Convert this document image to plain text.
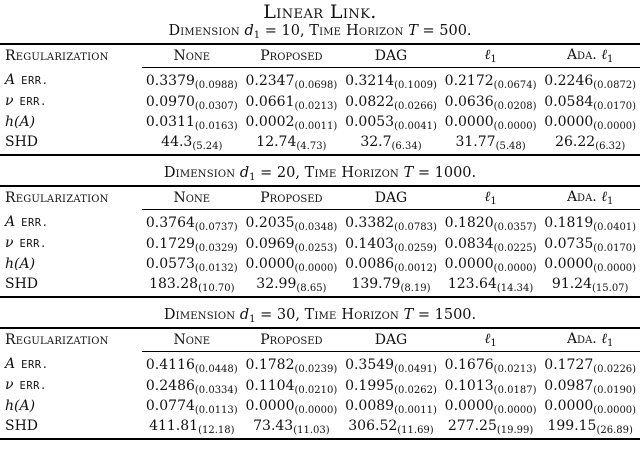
Linear Link.
Dimension $d_1 = 10$, Time Horizon T = 500.
Regularization	None	Proposed	DAG	ℓ$_1$	Ada. ℓ$_1$
A ERR.	$0.3379_{(0.0988)}$	$0.2347_{(0.0698)}$	$0.3214_{(0.1009)}$	$0.2172_{(0.0674)}$	$0.2246_{(0.0872)}$
ν ERR.	$0.0970_{(0.0307)}$	$0.0661_{(0.0213)}$	$0.0822_{(0.0266)}$	$0.0636_{(0.0208)}$	$0.0584_{(0.0170)}$
h(A)	$0.0311_{(0.0163)}$	$0.0002_{(0.0011)}$	$0.0053_{(0.0041)}$	$0.0000_{(0.0000)}$	$0.0000_{(0.0000)}$
SHD	$44.3_{(5.24)}$	$12.74_{(4.73)}$	$32.7_{(6.34)}$	$31.77_{(5.48)}$	$26.22_{(6.32)}$
Dimension $d_1 = 20$, Time Horizon T = 1000.
Regularization	None	Proposed	DAG	ℓ$_1$	Ada. ℓ$_1$
A ERR.	$0.3764_{(0.0737)}$	$0.2035_{(0.0348)}$	$0.3382_{(0.0783)}$	$0.1820_{(0.0357)}$	$0.1819_{(0.0401)}$
ν ERR.	$0.1729_{(0.0329)}$	$0.0969_{(0.0253)}$	$0.1403_{(0.0259)}$	$0.0834_{(0.0225)}$	$0.0735_{(0.0170)}$
h(A)	$0.0573_{(0.0132)}$	$0.0000_{(0.0000)}$	$0.0086_{(0.0012)}$	$0.0000_{(0.0000)}$	$0.0000_{(0.0000)}$
SHD	$183.28_{(10.70)}$	$32.99_{(8.65)}$	$139.79_{(8.19)}$	$123.64_{(14.34)}$	$91.24_{(15.07)}$
Dimension $d_1 = 30$, Time Horizon T = 1500.
Regularization	None	Proposed	DAG	ℓ$_1$	Ada. ℓ$_1$
A ERR.	$0.4116_{(0.0448)}$	$0.1782_{(0.0239)}$	$0.3549_{(0.0491)}$	$0.1676_{(0.0213)}$	$0.1727_{(0.0226)}$
ν ERR.	$0.2486_{(0.0334)}$	$0.1104_{(0.0210)}$	$0.1995_{(0.0262)}$	$0.1013_{(0.0187)}$	$0.0987_{(0.0190)}$
h(A)	$0.0774_{(0.0113)}$	$0.0000_{(0.0000)}$	$0.0089_{(0.0011)}$	$0.0000_{(0.0000)}$	$0.0000_{(0.0000)}$
SHD	$411.81_{(12.18)}$	$73.43_{(11.03)}$	$306.52_{(11.69)}$	$277.25_{(19.99)}$	$199.15_{(26.89)}$
